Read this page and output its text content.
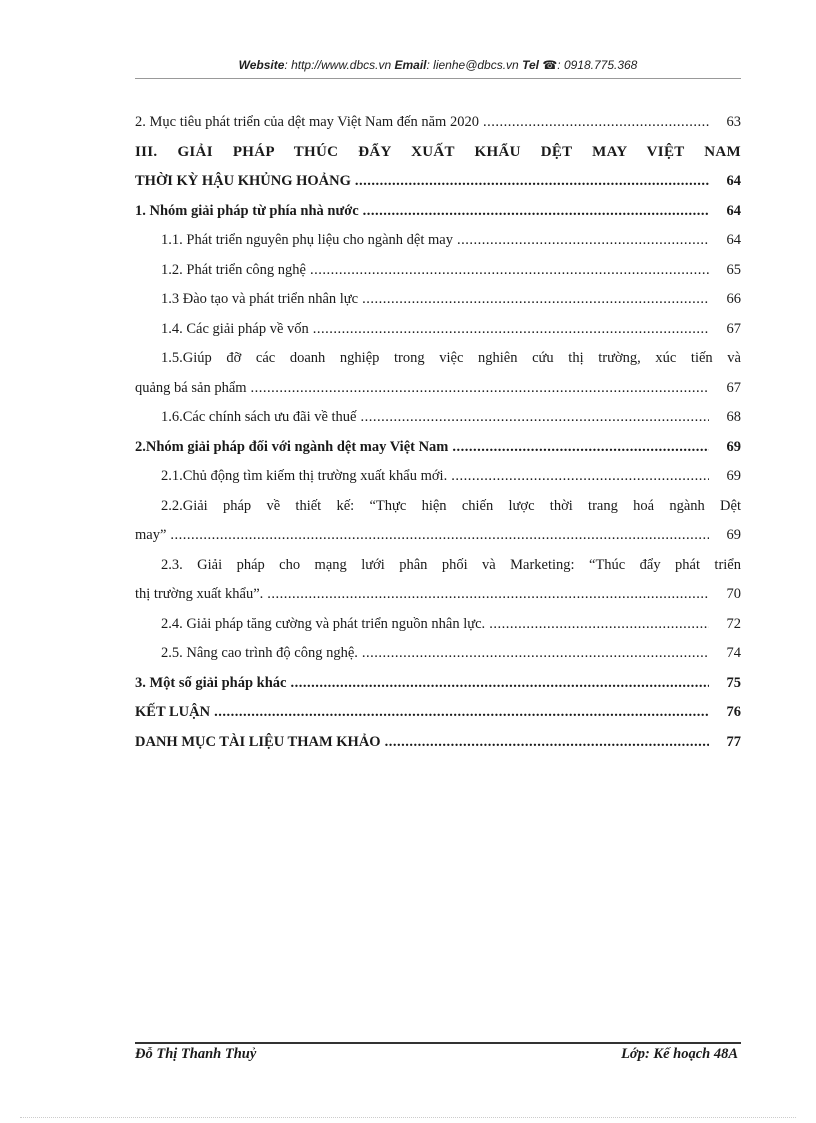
Website: http://www.dbcs.vn Email: lienhe@dbcs.vn Tel ☎: 0918.775.368
2. Mục tiêu phát triển của dệt may Việt Nam đến năm 2020 .....	63
III. GIẢI PHÁP THÚC ĐẨY XUẤT KHẨU DỆT MAY VIỆT NAM
THỜI KỲ HẬU KHỦNG HOẢNG .....	64
1. Nhóm giải pháp từ phía nhà nước .....	64
1.1. Phát triển nguyên phụ liệu cho ngành dệt may .....	64
1.2. Phát triển công nghệ .....	65
1.3 Đào tạo và phát triển nhân lực .....	66
1.4. Các giải pháp về vốn .....	67
1.5.Giúp đỡ các doanh nghiệp trong việc nghiên cứu thị trường, xúc tiến và
quảng bá sản phẩm .....	67
1.6.Các chính sách ưu đãi về thuế .....	68
2.Nhóm giải pháp đối với ngành dệt may Việt Nam .....	69
2.1.Chủ động tìm kiếm thị trường xuất khẩu mới. .....	69
2.2.Giải pháp về thiết kế: “Thực hiện chiến lược thời trang hoá ngành Dệt
may” .....	69
2.3. Giải pháp cho mạng lưới phân phối và Marketing: “Thúc đẩy phát triển
thị trường xuất khẩu”. .....	70
2.4. Giải pháp tăng cường và phát triển nguồn nhân lực. .....	72
2.5. Nâng cao trình độ công nghệ. .....	74
3. Một số giải pháp khác .....	75
KẾT LUẬN .....	76
DANH MỤC TÀI LIỆU THAM KHẢO .....	77
Đỗ Thị Thanh Thuỷ	Lớp: Kế hoạch 48A
